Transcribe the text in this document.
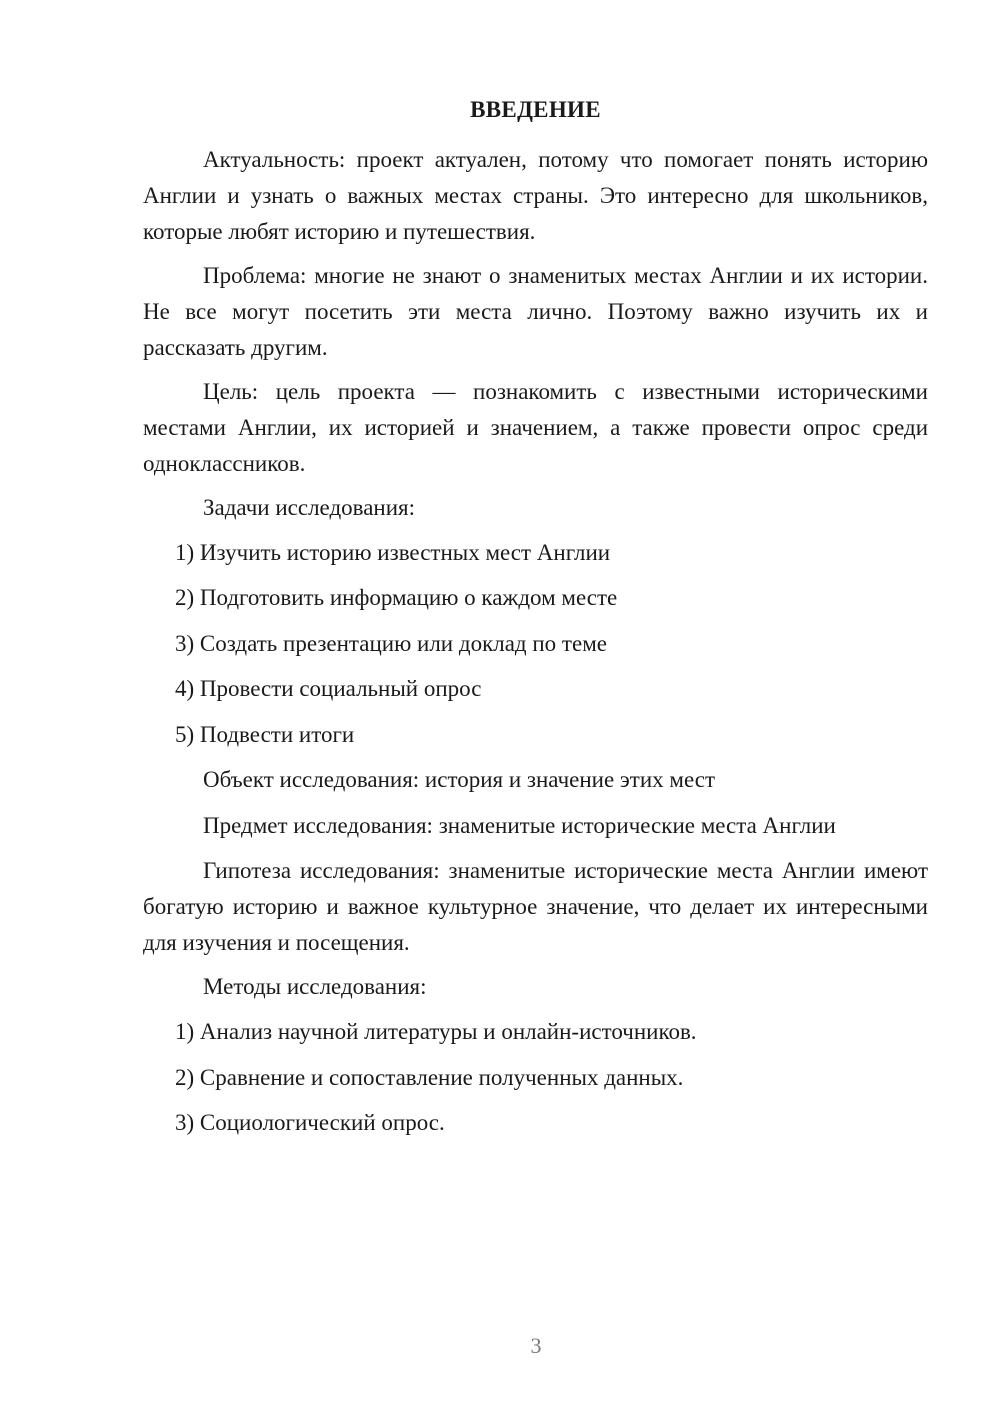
ВВЕДЕНИЕ

Актуальность: проект актуален, потому что помогает понять историю Англии и узнать о важных местах страны. Это интересно для школьников, которые любят историю и путешествия.

Проблема: многие не знают о знаменитых местах Англии и их истории. Не все могут посетить эти места лично. Поэтому важно изучить их и рассказать другим.

Цель: цель проекта — познакомить с известными историческими местами Англии, их историей и значением, а также провести опрос среди одноклассников.

Задачи исследования:
1) Изучить историю известных мест Англии
2) Подготовить информацию о каждом месте
3) Создать презентацию или доклад по теме
4) Провести социальный опрос
5) Подвести итоги
Объект исследования: история и значение этих мест
Предмет исследования: знаменитые исторические места Англии

Гипотеза исследования: знаменитые исторические места Англии имеют богатую историю и важное культурное значение, что делает их интересными для изучения и посещения.

Методы исследования:
1) Анализ научной литературы и онлайн-источников.
2) Сравнение и сопоставление полученных данных.
3) Социологический опрос.
3
